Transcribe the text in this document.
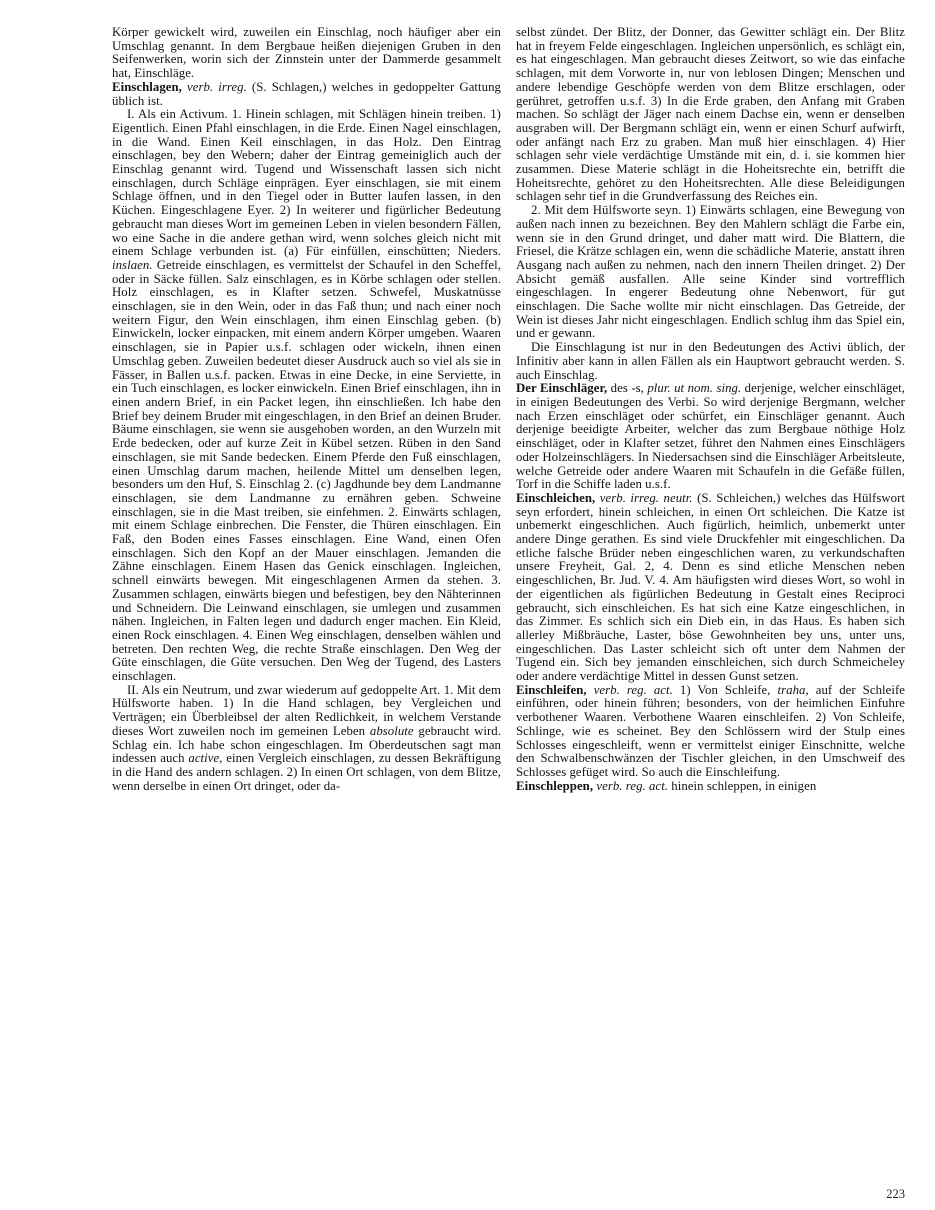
Körper gewickelt wird, zuweilen ein Einschlag, noch häufiger aber ein Umschlag genannt. In dem Bergbaue heißen diejenigen Gruben in den Seifenwerken, worin sich der Zinnstein unter der Dammerde gesammelt hat, Einschläge.

Einschlagen, verb. irreg. (S. Schlagen,) welches in gedoppelter Gattung üblich ist.

I. Als ein Activum. 1. Hinein schlagen, mit Schlägen hinein treiben. 1) Eigentlich. Einen Pfahl einschlagen, in die Erde. Einen Nagel einschlagen, in die Wand. Einen Keil einschlagen, in das Holz. Den Eintrag einschlagen, bey den Webern; daher der Eintrag gemeiniglich auch der Einschlag genannt wird. Tugend und Wissenschaft lassen sich nicht einschlagen, durch Schläge einprägen. Eyer einschlagen, sie mit einem Schlage öffnen, und in den Tiegel oder in Butter laufen lassen, in den Küchen. Eingeschlagene Eyer. 2) In weiterer und figürlicher Bedeutung gebraucht man dieses Wort im gemeinen Leben in vielen besondern Fällen, wo eine Sache in die andere gethan wird, wenn solches gleich nicht mit einem Schlage verbunden ist. (a) Für einfüllen, einschütten; Nieders. inslaen. Getreide einschlagen, es vermittelst der Schaufel in den Scheffel, oder in Säcke füllen. Salz einschlagen, es in Körbe schlagen oder stellen. Holz einschlagen, es in Klafter setzen. Schwefel, Muskatnüsse einschlagen, sie in den Wein, oder in das Faß thun; und nach einer noch weitern Figur, den Wein einschlagen, ihm einen Einschlag geben. (b) Einwickeln, locker einpacken, mit einem andern Körper umgeben. Waaren einschlagen, sie in Papier u.s.f. schlagen oder wickeln, ihnen einen Umschlag geben. Zuweilen bedeutet dieser Ausdruck auch so viel als sie in Fässer, in Ballen u.s.f. packen. Etwas in eine Decke, in eine Serviette, in ein Tuch einschlagen, es locker einwickeln. Einen Brief einschlagen, ihn in einen andern Brief, in ein Packet legen, ihn einschließen. Ich habe den Brief bey deinem Bruder mit eingeschlagen, in den Brief an deinen Bruder. Bäume einschlagen, sie wenn sie ausgehoben worden, an den Wurzeln mit Erde bedecken, oder auf kurze Zeit in Kübel setzen. Rüben in den Sand einschlagen, sie mit Sande bedecken. Einem Pferde den Fuß einschlagen, einen Umschlag darum machen, heilende Mittel um denselben legen, besonders um den Huf, S. Einschlag 2. (c) Jagdhunde bey dem Landmanne einschlagen, sie dem Landmanne zu ernähren geben. Schweine einschlagen, sie in die Mast treiben, sie einfehmen. 2. Einwärts schlagen, mit einem Schlage einbrechen. Die Fenster, die Thüren einschlagen. Ein Faß, den Boden eines Fasses einschlagen. Eine Wand, einen Ofen einschlagen. Sich den Kopf an der Mauer einschlagen. Jemanden die Zähne einschlagen. Einem Hasen das Genick einschlagen. Ingleichen, schnell einwärts bewegen. Mit eingeschlagenen Armen da stehen. 3. Zusammen schlagen, einwärts biegen und befestigen, bey den Nähterinnen und Schneidern. Die Leinwand einschlagen, sie umlegen und zusammen nähen. Ingleichen, in Falten legen und dadurch enger machen. Ein Kleid, einen Rock einschlagen. 4. Einen Weg einschlagen, denselben wählen und betreten. Den rechten Weg, die rechte Straße einschlagen. Den Weg der Güte einschlagen, die Güte versuchen. Den Weg der Tugend, des Lasters einschlagen.

II. Als ein Neutrum, und zwar wiederum auf gedoppelte Art. 1. Mit dem Hülfsworte haben. 1) In die Hand schlagen, bey Vergleichen und Verträgen; ein Überbleibsel der alten Redlichkeit, in welchem Verstande dieses Wort zuweilen noch im gemeinen Leben absolute gebraucht wird. Schlag ein. Ich habe schon eingeschlagen. Im Oberdeutschen sagt man indessen auch active, einen Vergleich einschlagen, zu dessen Bekräftigung in die Hand des andern schlagen. 2) In einen Ort schlagen, von dem Blitze, wenn derselbe in einen Ort dringet, oder da-

selbst zündet. Der Blitz, der Donner, das Gewitter schlägt ein. Der Blitz hat in freyem Felde eingeschlagen. Ingleichen unpersönlich, es schlägt ein, es hat eingeschlagen. Man gebraucht dieses Zeitwort, so wie das einfache schlagen, mit dem Vorworte in, nur von leblosen Dingen; Menschen und andere lebendige Geschöpfe werden von dem Blitze erschlagen, oder gerühret, getroffen u.s.f. 3) In die Erde graben, den Anfang mit Graben machen. So schlägt der Jäger nach einem Dachse ein, wenn er denselben ausgraben will. Der Bergmann schlägt ein, wenn er einen Schurf aufwirft, oder anfängt nach Erz zu graben. Man muß hier einschlagen. 4) Hier schlagen sehr viele verdächtige Umstände mit ein, d. i. sie kommen hier zusammen. Diese Materie schlägt in die Hoheitsrechte ein, betrifft die Hoheitsrechte, gehöret zu den Hoheitsrechten. Alle diese Beleidigungen schlagen sehr tief in die Grundverfassung des Reiches ein.

2. Mit dem Hülfsworte seyn. 1) Einwärts schlagen, eine Bewegung von außen nach innen zu bezeichnen. Bey den Mahlern schlägt die Farbe ein, wenn sie in den Grund dringet, und daher matt wird. Die Blattern, die Friesel, die Krätze schlagen ein, wenn die schädliche Materie, anstatt ihren Ausgang nach außen zu nehmen, nach den innern Theilen dringet. 2) Der Absicht gemäß ausfallen. Alle seine Kinder sind vortrefflich eingeschlagen. In engerer Bedeutung ohne Nebenwort, für gut einschlagen. Die Sache wollte mir nicht einschlagen. Das Getreide, der Wein ist dieses Jahr nicht eingeschlagen. Endlich schlug ihm das Spiel ein, und er gewann.

Die Einschlagung ist nur in den Bedeutungen des Activi üblich, der Infinitiv aber kann in allen Fällen als ein Hauptwort gebraucht werden. S. auch Einschlag.

Der Einschläger, des -s, plur. ut nom. sing. derjenige, welcher einschläget, in einigen Bedeutungen des Verbi. So wird derjenige Bergmann, welcher nach Erzen einschläget oder schürfet, ein Einschläger genannt. Auch derjenige beeidigte Arbeiter, welcher das zum Bergbaue nöthige Holz einschläget, oder in Klafter setzet, führet den Nahmen eines Einschlägers oder Holzeinschlägers. In Niedersachsen sind die Einschläger Arbeitsleute, welche Getreide oder andere Waaren mit Schaufeln in die Gefäße füllen, Torf in die Schiffe laden u.s.f.

Einschleichen, verb. irreg. neutr. (S. Schleichen,) welches das Hülfswort seyn erfordert, hinein schleichen, in einen Ort schleichen. Die Katze ist unbemerkt eingeschlichen. Auch figürlich, heimlich, unbemerkt unter andere Dinge gerathen. Es sind viele Druckfehler mit eingeschlichen. Da etliche falsche Brüder neben eingeschlichen waren, zu verkundschaften unsere Freyheit, Gal. 2, 4. Denn es sind etliche Menschen neben eingeschlichen, Br. Jud. V. 4. Am häufigsten wird dieses Wort, so wohl in der eigentlichen als figürlichen Bedeutung in Gestalt eines Reciproci gebraucht, sich einschleichen. Es hat sich eine Katze eingeschlichen, in das Zimmer. Es schlich sich ein Dieb ein, in das Haus. Es haben sich allerley Mißbräuche, Laster, böse Gewohnheiten bey uns, unter uns, eingeschlichen. Das Laster schleicht sich oft unter dem Nahmen der Tugend ein. Sich bey jemanden einschleichen, sich durch Schmeicheley oder andere verdächtige Mittel in dessen Gunst setzen.

Einschleifen, verb. reg. act. 1) Von Schleife, traha, auf der Schleife einführen, oder hinein führen; besonders, von der heimlichen Einfuhre verbothener Waaren. Verbothene Waaren einschleifen. 2) Von Schleife, Schlinge, wie es scheinet. Bey den Schlössern wird der Stulp eines Schlosses eingeschleift, wenn er vermittelst einiger Einschnitte, welche den Schwalbenschwänzen der Tischler gleichen, in den Umschweif des Schlosses gefüget wird. So auch die Einschleifung.

Einschleppen, verb. reg. act. hinein schleppen, in einigen

223
